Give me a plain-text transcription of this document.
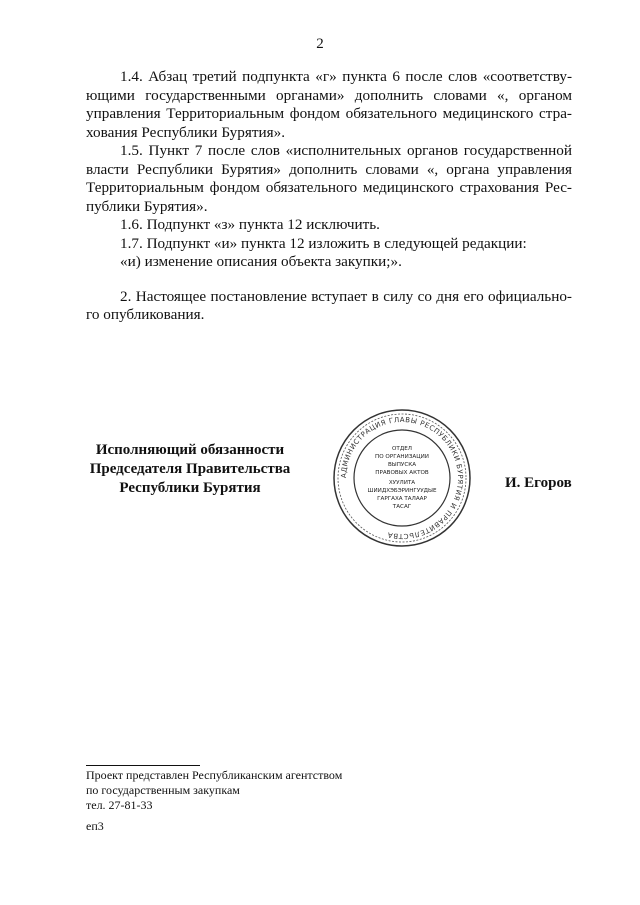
2

1.4. Абзац третий подпункта «г» пункта 6 после слов «соответству-ющими государственными органами» дополнить словами «, органом управления Территориальным фондом обязательного медицинского стра-хования Республики Бурятия».

1.5. Пункт 7 после слов «исполнительных органов государственной власти Республики Бурятия» дополнить словами «, органа управления Территориальным фондом обязательного медицинского страхования Рес-публики Бурятия».

1.6. Подпункт «з» пункта 12 исключить.

1.7. Подпункт «и» пункта 12 изложить в следующей редакции:

«и) изменение описания объекта закупки;».

2. Настоящее постановление вступает в силу со дня его официально-го опубликования.

Исполняющий обязанности
Председателя Правительства
Республики Бурятия
АДМИНИСТРАЦИЯ ГЛАВЫ РЕСПУБЛИКИ БУРЯТИЯ И ПРАВИТЕЛЬСТВА
ОТДЕЛ
ПО ОРГАНИЗАЦИИ
ВЫПУСКА
ПРАВОВЫХ АКТОВ
ХУУЛИТА
ШИИДХЭБЭРИНГУУДЫЕ
ГАРГАХА ТАЛААР
ТАСАГ
И. Егоров
Проект представлен Республиканским агентством
по государственным закупкам
тел. 27-81-33
еп3
